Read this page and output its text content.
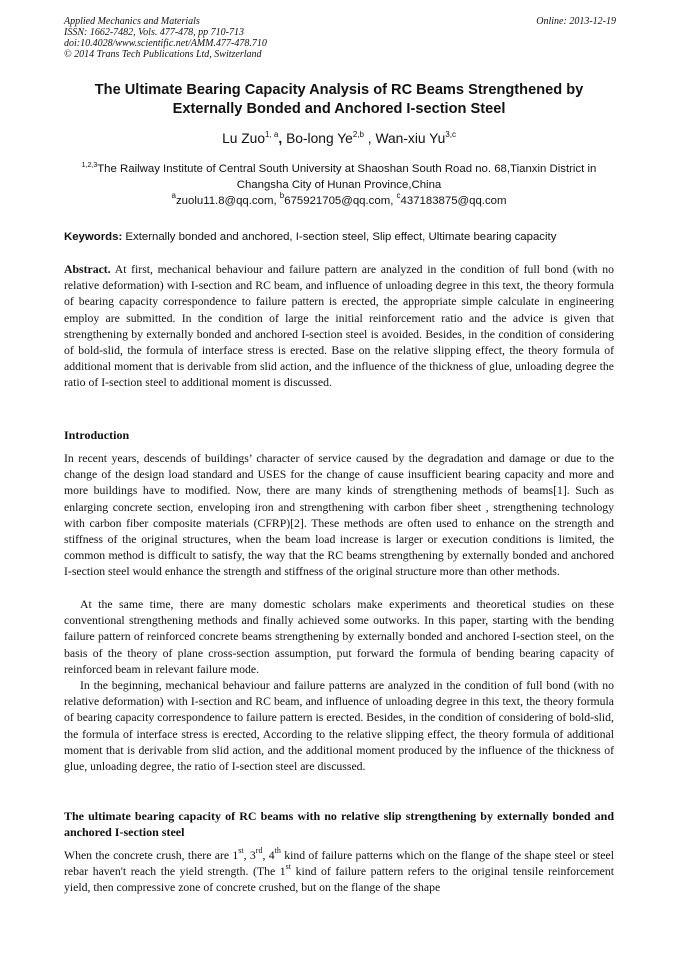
Applied Mechanics and Materials
ISSN: 1662-7482, Vols. 477-478, pp 710-713
doi:10.4028/www.scientific.net/AMM.477-478.710
© 2014 Trans Tech Publications Ltd, Switzerland
Online: 2013-12-19
The Ultimate Bearing Capacity Analysis of RC Beams Strengthened by Externally Bonded and Anchored I-section Steel
Lu Zuo$^{1, a}$, Bo-long Ye$^{2,b}$ , Wan-xiu Yu$^{3,c}$
$^{1,2,3}$The Railway Institute of Central South University at Shaoshan South Road no. 68,Tianxin District in Changsha City of Hunan Province,China
$^a$zuolu11.8@qq.com, $^b$675921705@qq.com, $^c$437183875@qq.com
Keywords: Externally bonded and anchored, I-section steel, Slip effect, Ultimate bearing capacity
Abstract. At first, mechanical behaviour and failure pattern are analyzed in the condition of full bond (with no relative deformation) with I-section and RC beam, and influence of unloading degree in this text, the theory formula of bearing capacity correspondence to failure pattern is erected, the appropriate simple calculate in engineering employ are submitted. In the condition of large the initial reinforcement ratio and the advice is given that strengthening by externally bonded and anchored I-section steel is avoided. Besides, in the condition of considering of bold-slid, the formula of interface stress is erected. Base on the relative slipping effect, the theory formula of additional moment that is derivable from slid action, and the influence of the thickness of glue, unloading degree the ratio of I-section steel to additional moment is discussed.
Introduction
In recent years, descends of buildings’ character of service caused by the degradation and damage or due to the change of the design load standard and USES for the change of cause insufficient bearing capacity and more and more buildings have to modified. Now, there are many kinds of strengthening methods of beams[1]. Such as enlarging concrete section, enveloping iron and strengthening with carbon fiber sheet , strengthening technology with carbon fiber composite materials (CFRP)[2]. These methods are often used to enhance on the strength and stiffness of the original structures, when the beam load increase is larger or execution conditions is limited, the common method is difficult to satisfy, the way that the RC beams strengthening by externally bonded and anchored I-section steel would enhance the strength and stiffness of the original structure more than other methods.
At the same time, there are many domestic scholars make experiments and theoretical studies on these conventional strengthening methods and finally achieved some outworks. In this paper, starting with the bending failure pattern of reinforced concrete beams strengthening by externally bonded and anchored I-section steel, on the basis of the theory of plane cross-section assumption, put forward the formula of bending bearing capacity of reinforced beam in relevant failure mode.
In the beginning, mechanical behaviour and failure patterns are analyzed in the condition of full bond (with no relative deformation) with I-section and RC beam, and influence of unloading degree in this text, the theory formula of bearing capacity correspondence to failure pattern is erected. Besides, in the condition of considering of bold-slid, the formula of interface stress is erected, According to the relative slipping effect, the theory formula of additional moment that is derivable from slid action, and the additional moment produced by the influence of the thickness of glue, unloading degree, the ratio of I-section steel are discussed.
The ultimate bearing capacity of RC beams with no relative slip strengthening by externally bonded and anchored I-section steel
When the concrete crush, there are 1st, 3rd, 4th kind of failure patterns which on the flange of the shape steel or steel rebar haven't reach the yield strength. (The 1st kind of failure pattern refers to the original tensile reinforcement yield, then compressive zone of concrete crushed, but on the flange of the shape
